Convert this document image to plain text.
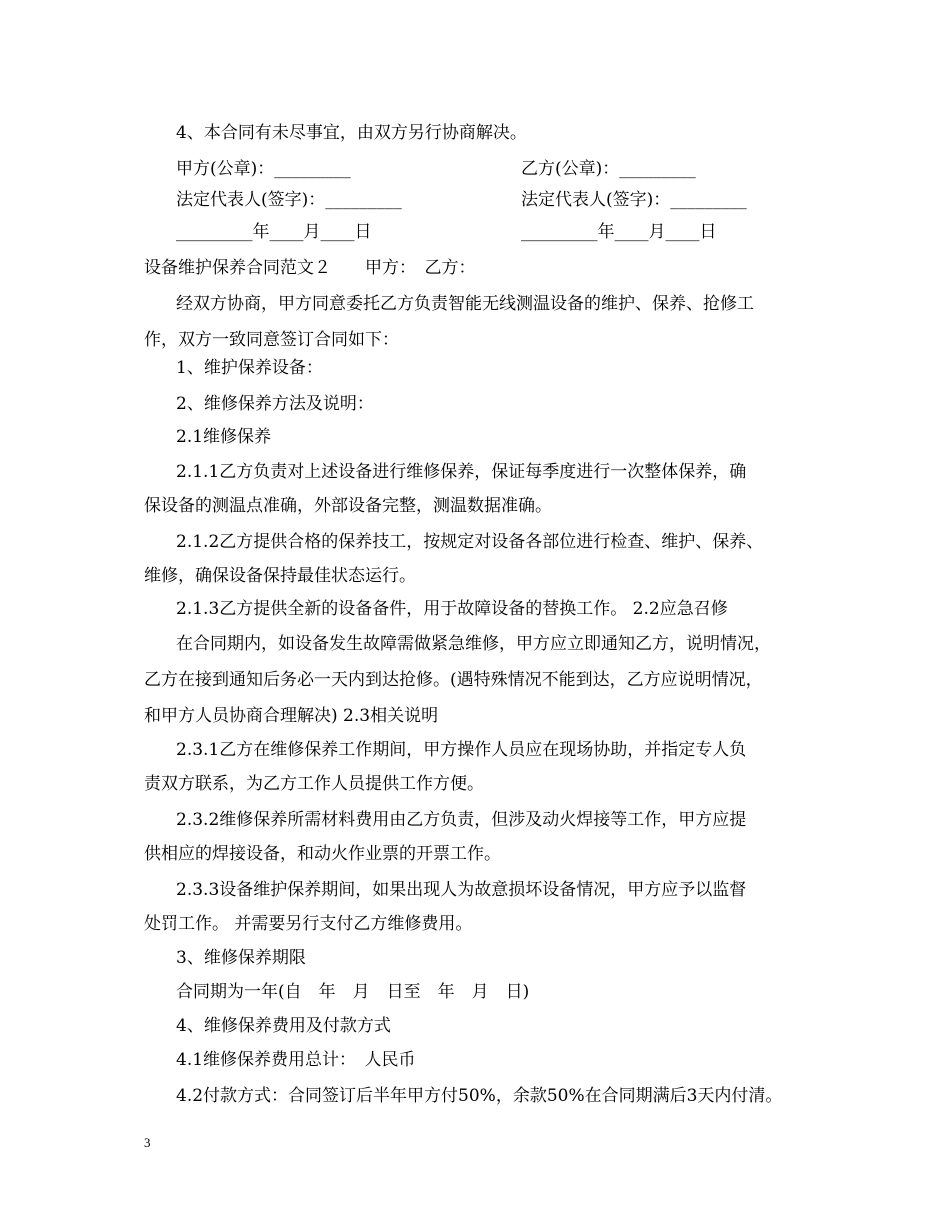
4、本合同有未尽事宜，由双方另行协商解决。
甲方(公章)：_________	乙方(公章)：_________
法定代表人(签字)：_________	法定代表人(签字)：_________
_________年____月____日	_________年____月____日
设备维护保养合同范文２　　甲方：　乙方：
经双方协商，甲方同意委托乙方负责智能无线测温设备的维护、保养、抢修工
作，双方一致同意签订合同如下：
1、维护保养设备：
2、维修保养方法及说明：
2.1维修保养
2.1.1乙方负责对上述设备进行维修保养，保证每季度进行一次整体保养，确
保设备的测温点准确，外部设备完整，测温数据准确。
2.1.2乙方提供合格的保养技工，按规定对设备各部位进行检查、维护、保养、
维修，确保设备保持最佳状态运行。
2.1.3乙方提供全新的设备备件，用于故障设备的替换工作。 2.2应急召修
在合同期内，如设备发生故障需做紧急维修，甲方应立即通知乙方，说明情况，
乙方在接到通知后务必一天内到达抢修。(遇特殊情况不能到达，乙方应说明情况，
和甲方人员协商合理解决) 2.3相关说明
2.3.1乙方在维修保养工作期间，甲方操作人员应在现场协助，并指定专人负
责双方联系，为乙方工作人员提供工作方便。
2.3.2维修保养所需材料费用由乙方负责，但涉及动火焊接等工作，甲方应提
供相应的焊接设备，和动火作业票的开票工作。
2.3.3设备维护保养期间，如果出现人为故意损坏设备情况，甲方应予以监督
处罚工作。 并需要另行支付乙方维修费用。
3、维修保养期限
合同期为一年(自　年　月　日至　年　月　日)
4、维修保养费用及付款方式
4.1维修保养费用总计：　人民币
4.2付款方式：合同签订后半年甲方付50%，余款50%在合同期满后3天内付清。
3
